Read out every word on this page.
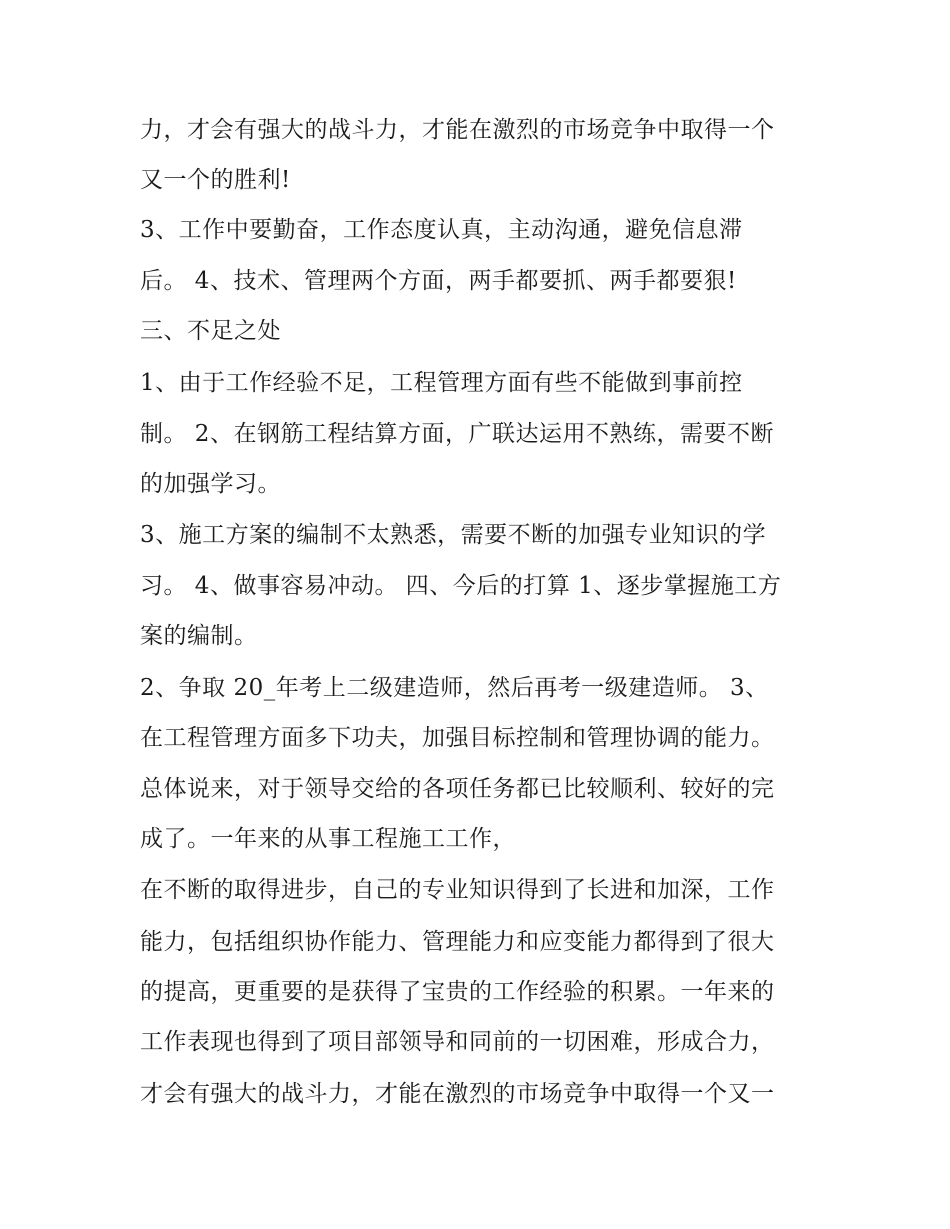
力，才会有强大的战斗力，才能在激烈的市场竞争中取得一个
又一个的胜利!
3、工作中要勤奋，工作态度认真，主动沟通，避免信息滞
后。 4、技术、管理两个方面，两手都要抓、两手都要狠!
三、不足之处
1、由于工作经验不足，工程管理方面有些不能做到事前控
制。 2、在钢筋工程结算方面，广联达运用不熟练，需要不断
的加强学习。
3、施工方案的编制不太熟悉，需要不断的加强专业知识的学
习。 4、做事容易冲动。 四、今后的打算 1、逐步掌握施工方
案的编制。
2、争取 20_年考上二级建造师，然后再考一级建造师。 3、
在工程管理方面多下功夫，加强目标控制和管理协调的能力。
总体说来，对于领导交给的各项任务都已比较顺利、较好的完
成了。一年来的从事工程施工工作，
在不断的取得进步，自己的专业知识得到了长进和加深，工作
能力，包括组织协作能力、管理能力和应变能力都得到了很大
的提高，更重要的是获得了宝贵的工作经验的积累。一年来的
工作表现也得到了项目部领导和同前的一切困难，形成合力，
才会有强大的战斗力，才能在激烈的市场竞争中取得一个又一
